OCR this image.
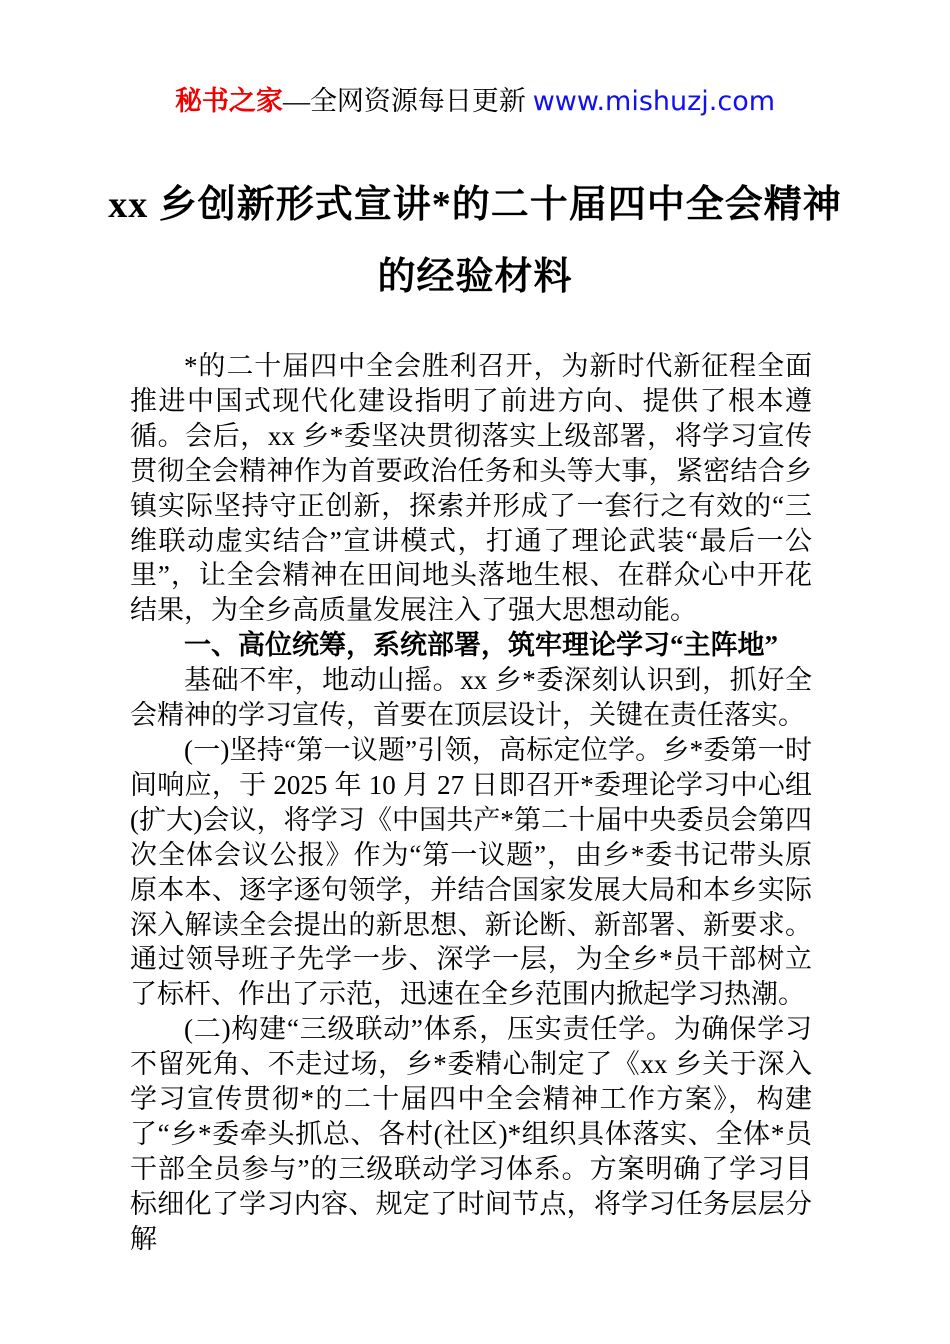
秘书之家—全网资源每日更新 www.mishuzj.com
xx 乡创新形式宣讲*的二十届四中全会精神
的经验材料

*的二十届四中全会胜利召开，为新时代新征程全面推进中国式现代化建设指明了前进方向、提供了根本遵循。会后，xx 乡*委坚决贯彻落实上级部署，将学习宣传贯彻全会精神作为首要政治任务和头等大事，紧密结合乡镇实际坚持守正创新，探索并形成了一套行之有效的“三维联动虚实结合”宣讲模式，打通了理论武装“最后一公里”，让全会精神在田间地头落地生根、在群众心中开花结果，为全乡高质量发展注入了强大思想动能。

一、高位统筹，系统部署，筑牢理论学习“主阵地”

基础不牢，地动山摇。xx 乡*委深刻认识到，抓好全会精神的学习宣传，首要在顶层设计，关键在责任落实。

(一)坚持“第一议题”引领，高标定位学。乡*委第一时间响应，于 2025 年 10 月 27 日即召开*委理论学习中心组(扩大)会议，将学习《中国共产*第二十届中央委员会第四次全体会议公报》作为“第一议题”，由乡*委书记带头原原本本、逐字逐句领学，并结合国家发展大局和本乡实际深入解读全会提出的新思想、新论断、新部署、新要求。通过领导班子先学一步、深学一层，为全乡*员干部树立了标杆、作出了示范，迅速在全乡范围内掀起学习热潮。

(二)构建“三级联动”体系，压实责任学。为确保学习不留死角、不走过场，乡*委精心制定了《xx 乡关于深入学习宣传贯彻*的二十届四中全会精神工作方案》，构建了“乡*委牵头抓总、各村(社区)*组织具体落实、全体*员干部全员参与”的三级联动学习体系。方案明确了学习目标细化了学习内容、规定了时间节点，将学习任务层层分解
